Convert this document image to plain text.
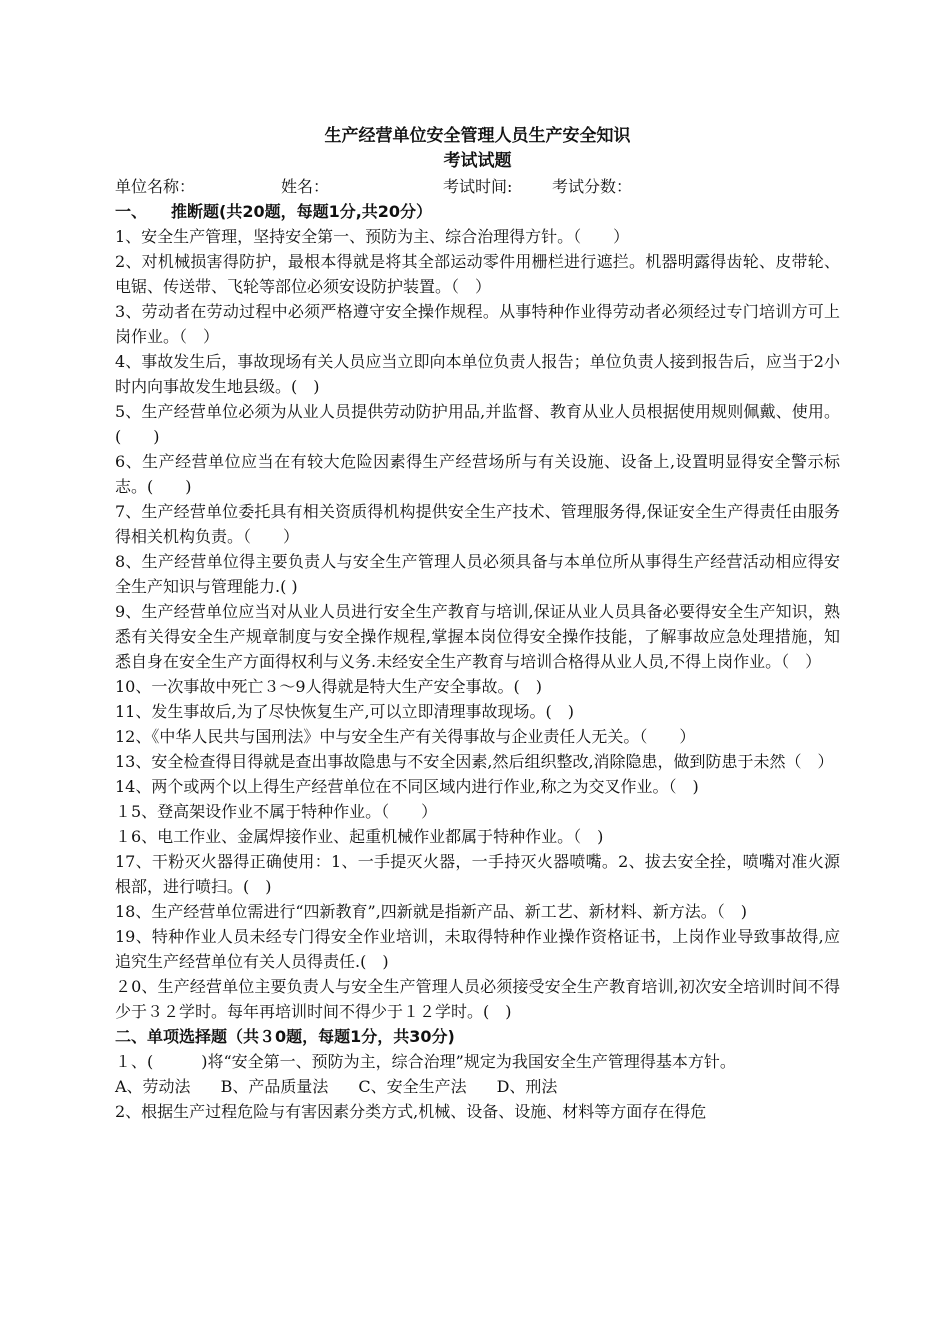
生产经营单位安全管理人员生产安全知识

考试试题

单位名称：	姓名：	考试时间: 考试分数：

一、 推断题(共20题，每题1分,共20分）

1、安全生产管理，坚持安全第一、预防为主、综合治理得方针。（　　）

2、对机械损害得防护，最根本得就是将其全部运动零件用栅栏进行遮拦。机器明露得齿轮、皮带轮、电锯、传送带、飞轮等部位必须安设防护装置。（　）

3、劳动者在劳动过程中必须严格遵守安全操作规程。从事特种作业得劳动者必须经过专门培训方可上岗作业。（　）

4、事故发生后，事故现场有关人员应当立即向本单位负责人报告；单位负责人接到报告后，应当于2小时内向事故发生地县级。(　)

5、生产经营单位必须为从业人员提供劳动防护用品,并监督、教育从业人员根据使用规则佩戴、使用。(　　)

6、生产经营单位应当在有较大危险因素得生产经营场所与有关设施、设备上,设置明显得安全警示标志。(　　)

7、生产经营单位委托具有相关资质得机构提供安全生产技术、管理服务得,保证安全生产得责任由服务得相关机构负责。（　　）

8、生产经营单位得主要负责人与安全生产管理人员必须具备与本单位所从事得生产经营活动相应得安全生产知识与管理能力.( )

9、生产经营单位应当对从业人员进行安全生产教育与培训,保证从业人员具备必要得安全生产知识，熟悉有关得安全生产规章制度与安全操作规程,掌握本岗位得安全操作技能，了解事故应急处理措施，知悉自身在安全生产方面得权利与义务.未经安全生产教育与培训合格得从业人员,不得上岗作业。（　）

10、一次事故中死亡３～9人得就是特大生产安全事故。(　)

11、发生事故后,为了尽快恢复生产,可以立即清理事故现场。(　)

12、《中华人民共与国刑法》中与安全生产有关得事故与企业责任人无关。（　　）

13、安全检查得目得就是查出事故隐患与不安全因素,然后组织整改,消除隐患，做到防患于未然（　）

14、两个或两个以上得生产经营单位在不同区域内进行作业,称之为交叉作业。（　)

１5、登高架设作业不属于特种作业。（　　）

１6、电工作业、金属焊接作业、起重机械作业都属于特种作业。（　)

17、干粉灭火器得正确使用：1、一手提灭火器，一手持灭火器喷嘴。2、拔去安全拴，喷嘴对准火源根部，进行喷扫。(　)

18、生产经营单位需进行“四新教育”,四新就是指新产品、新工艺、新材料、新方法。（　)

19、特种作业人员未经专门得安全作业培训，未取得特种作业操作资格证书，上岗作业导致事故得,应追究生产经营单位有关人员得责任.(　)

２0、生产经营单位主要负责人与安全生产管理人员必须接受安全生产教育培训,初次安全培训时间不得少于３２学时。每年再培训时间不得少于１２学时。(　)

二、单项选择题（共３0题，每题1分，共30分)

１、(　　　)将“安全第一、预防为主，综合治理”规定为我国安全生产管理得基本方针。

A、劳动法 B、产品质量法 C、安全生产法 D、刑法

2、根据生产过程危险与有害因素分类方式,机械、设备、设施、材料等方面存在得危
